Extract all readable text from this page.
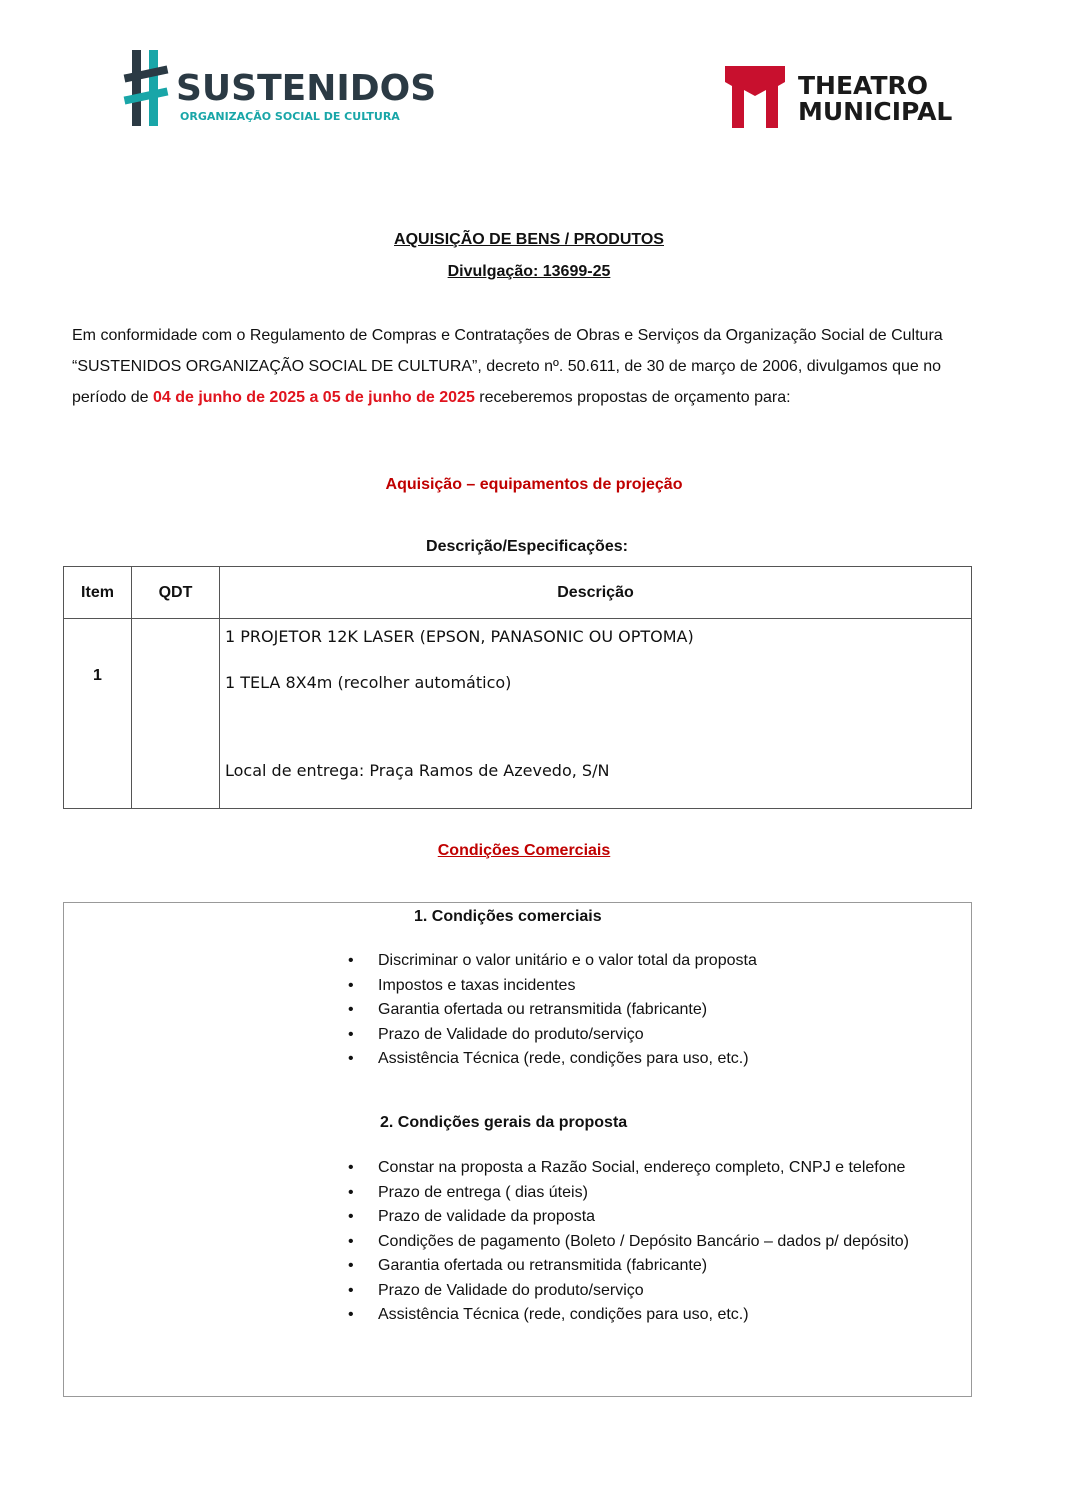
SUSTENIDOS
ORGANIZAÇÃO SOCIAL DE CULTURA
THEATRO
MUNICIPAL
AQUISIÇÃO DE BENS / PRODUTOS
Divulgação: 13699-25

Em conformidade com o Regulamento de Compras e Contratações de Obras e Serviços da Organização Social de Cultura “SUSTENIDOS ORGANIZAÇÃO SOCIAL DE CULTURA”, decreto nº. 50.611, de 30 de março de 2006, divulgamos que no período de 04 de junho de 2025 a 05 de junho de 2025 receberemos propostas de orçamento para:

Aquisição – equipamentos de projeção
Descrição/Especificações:
Item	QDT	Descrição
1		1 PROJETOR 12K LASER (EPSON, PANASONIC OU OPTOMA)
1 TELA 8X4m (recolher automático)
Local de entrega: Praça Ramos de Azevedo, S/N
Condições Comerciais
1. Condições comerciais
• Discriminar o valor unitário e o valor total da proposta
• Impostos e taxas incidentes
• Garantia ofertada ou retransmitida (fabricante)
• Prazo de Validade do produto/serviço
• Assistência Técnica (rede, condições para uso, etc.)
2. Condições gerais da proposta
• Constar na proposta a Razão Social, endereço completo, CNPJ e telefone
• Prazo de entrega ( dias úteis)
• Prazo de validade da proposta
• Condições de pagamento (Boleto / Depósito Bancário – dados p/ depósito)
• Garantia ofertada ou retransmitida (fabricante)
• Prazo de Validade do produto/serviço
• Assistência Técnica (rede, condições para uso, etc.)
